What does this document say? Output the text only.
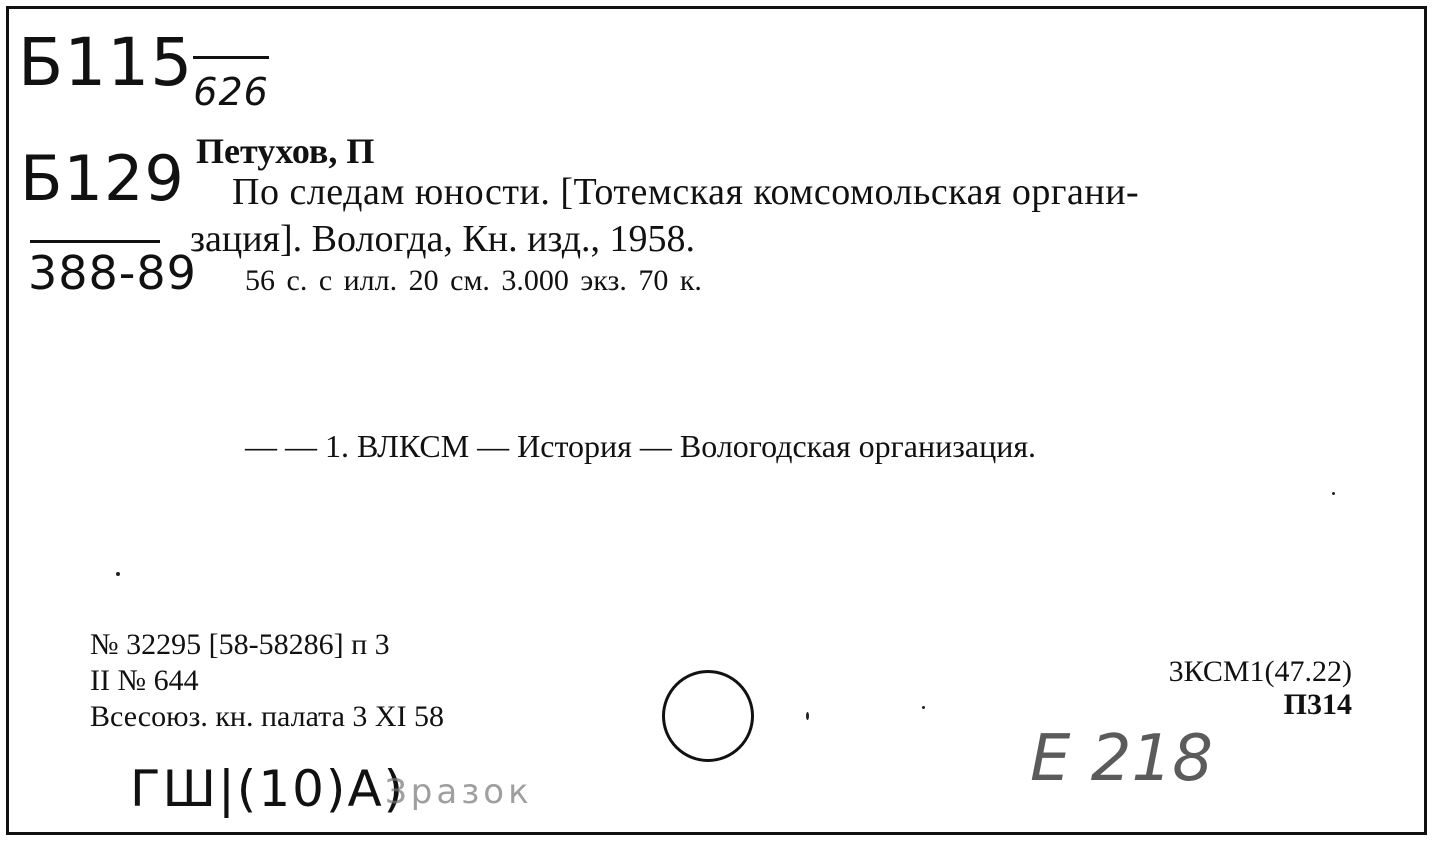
Б115626
Б129
388-89
Петухов, П
По следам юности. [Тотемская комсомольская органи-
зация]. Вологда, Кн. изд., 1958.
56 с. с илл. 20 см. 3.000 экз. 70 к.
— — 1. ВЛКСМ — История — Вологодская организация.
№ 32295 [58-58286] п 3
II № 644
Всесоюз. кн. палата 3 XI 58
3КСМ1(47.22)
П314
ГШ|(10)А)
Зразок	Е 218
